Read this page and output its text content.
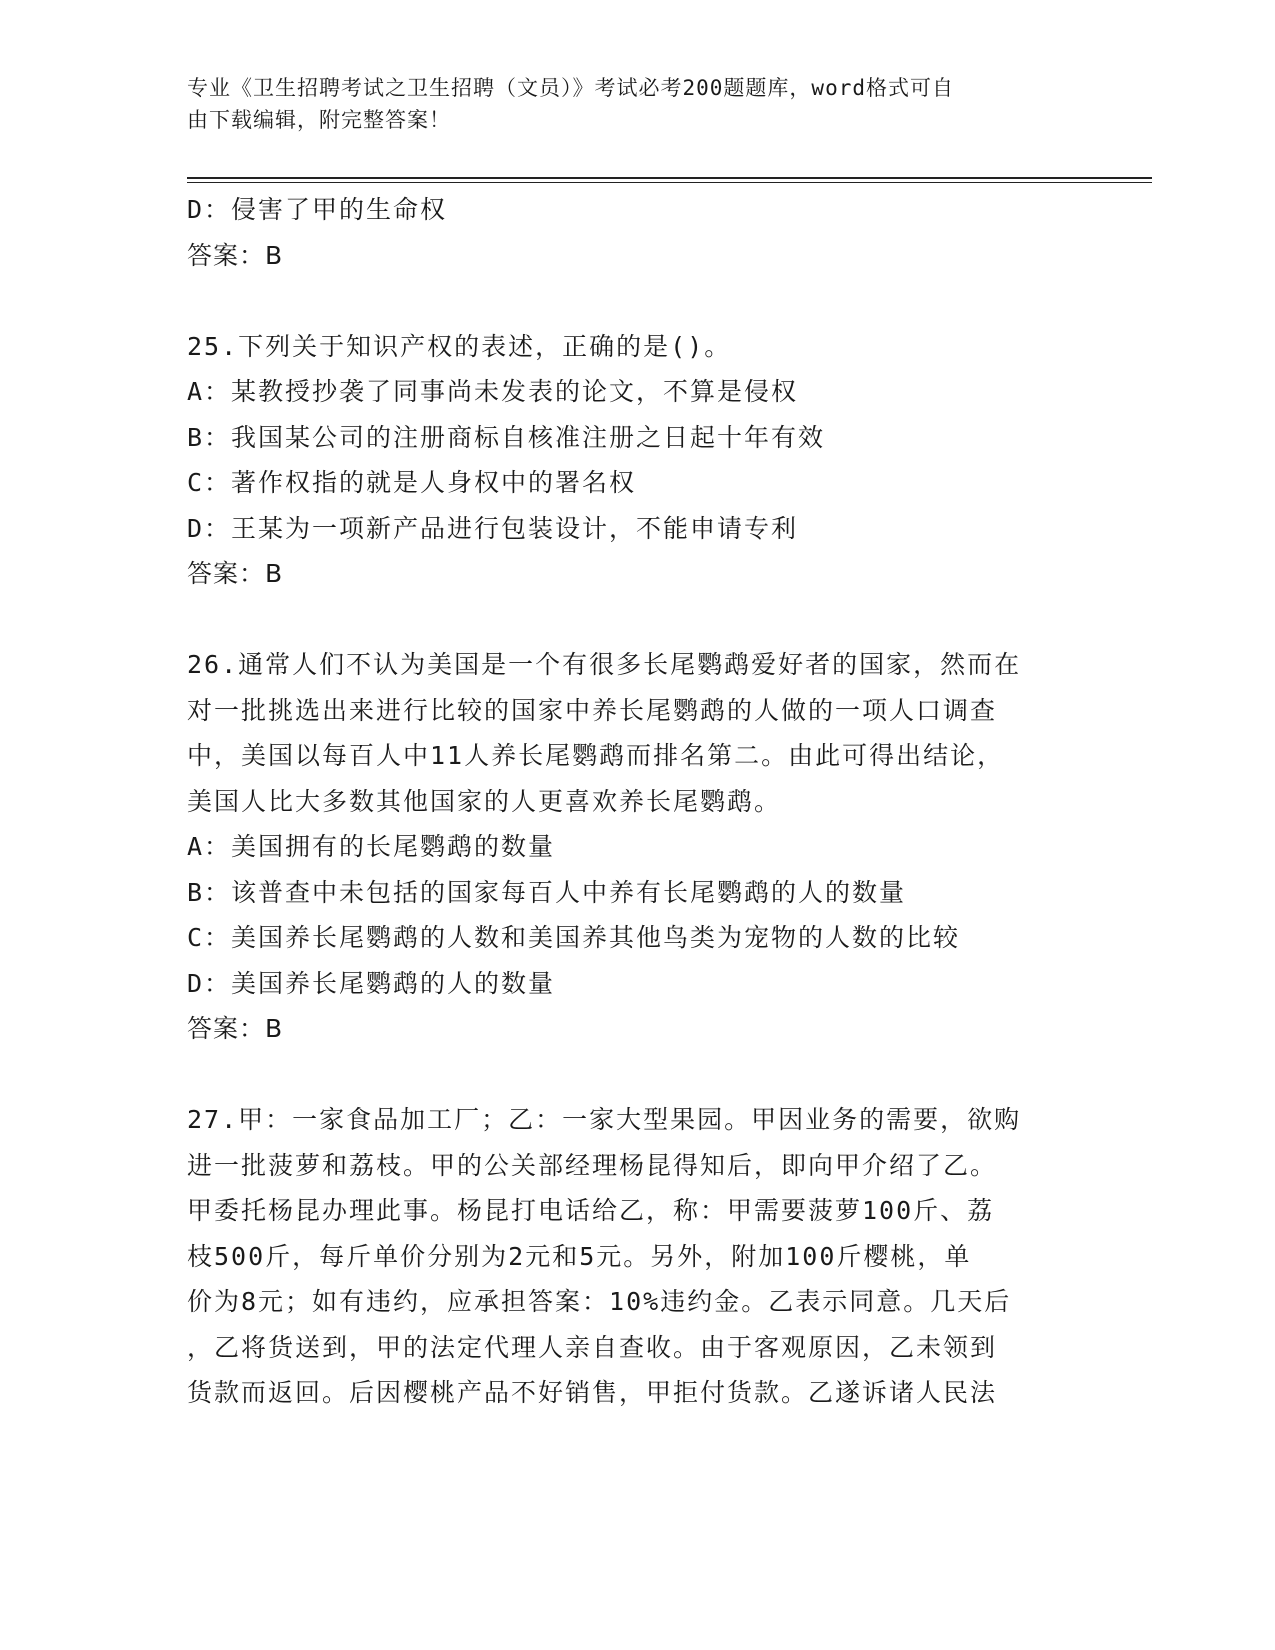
专业《卫生招聘考试之卫生招聘（文员）》考试必考200题题库，word格式可自
由下载编辑，附完整答案！
D：侵害了甲的生命权
答案：B
25.下列关于知识产权的表述，正确的是()。
A：某教授抄袭了同事尚未发表的论文，不算是侵权
B：我国某公司的注册商标自核准注册之日起十年有效
C：著作权指的就是人身权中的署名权
D：王某为一项新产品进行包装设计，不能申请专利
答案：B
26.通常人们不认为美国是一个有很多长尾鹦鹉爱好者的国家，然而在
对一批挑选出来进行比较的国家中养长尾鹦鹉的人做的一项人口调查
中，美国以每百人中11人养长尾鹦鹉而排名第二。由此可得出结论，
美国人比大多数其他国家的人更喜欢养长尾鹦鹉。
A：美国拥有的长尾鹦鹉的数量
B：该普查中未包括的国家每百人中养有长尾鹦鹉的人的数量
C：美国养长尾鹦鹉的人数和美国养其他鸟类为宠物的人数的比较
D：美国养长尾鹦鹉的人的数量
答案：B
27.甲：一家食品加工厂；乙：一家大型果园。甲因业务的需要，欲购
进一批菠萝和荔枝。甲的公关部经理杨昆得知后，即向甲介绍了乙。
甲委托杨昆办理此事。杨昆打电话给乙，称：甲需要菠萝100斤、荔
枝500斤，每斤单价分别为2元和5元。另外，附加100斤樱桃，单
价为8元；如有违约，应承担答案：10%违约金。乙表示同意。几天后
，乙将货送到，甲的法定代理人亲自查收。由于客观原因，乙未领到
货款而返回。后因樱桃产品不好销售，甲拒付货款。乙遂诉诸人民法
